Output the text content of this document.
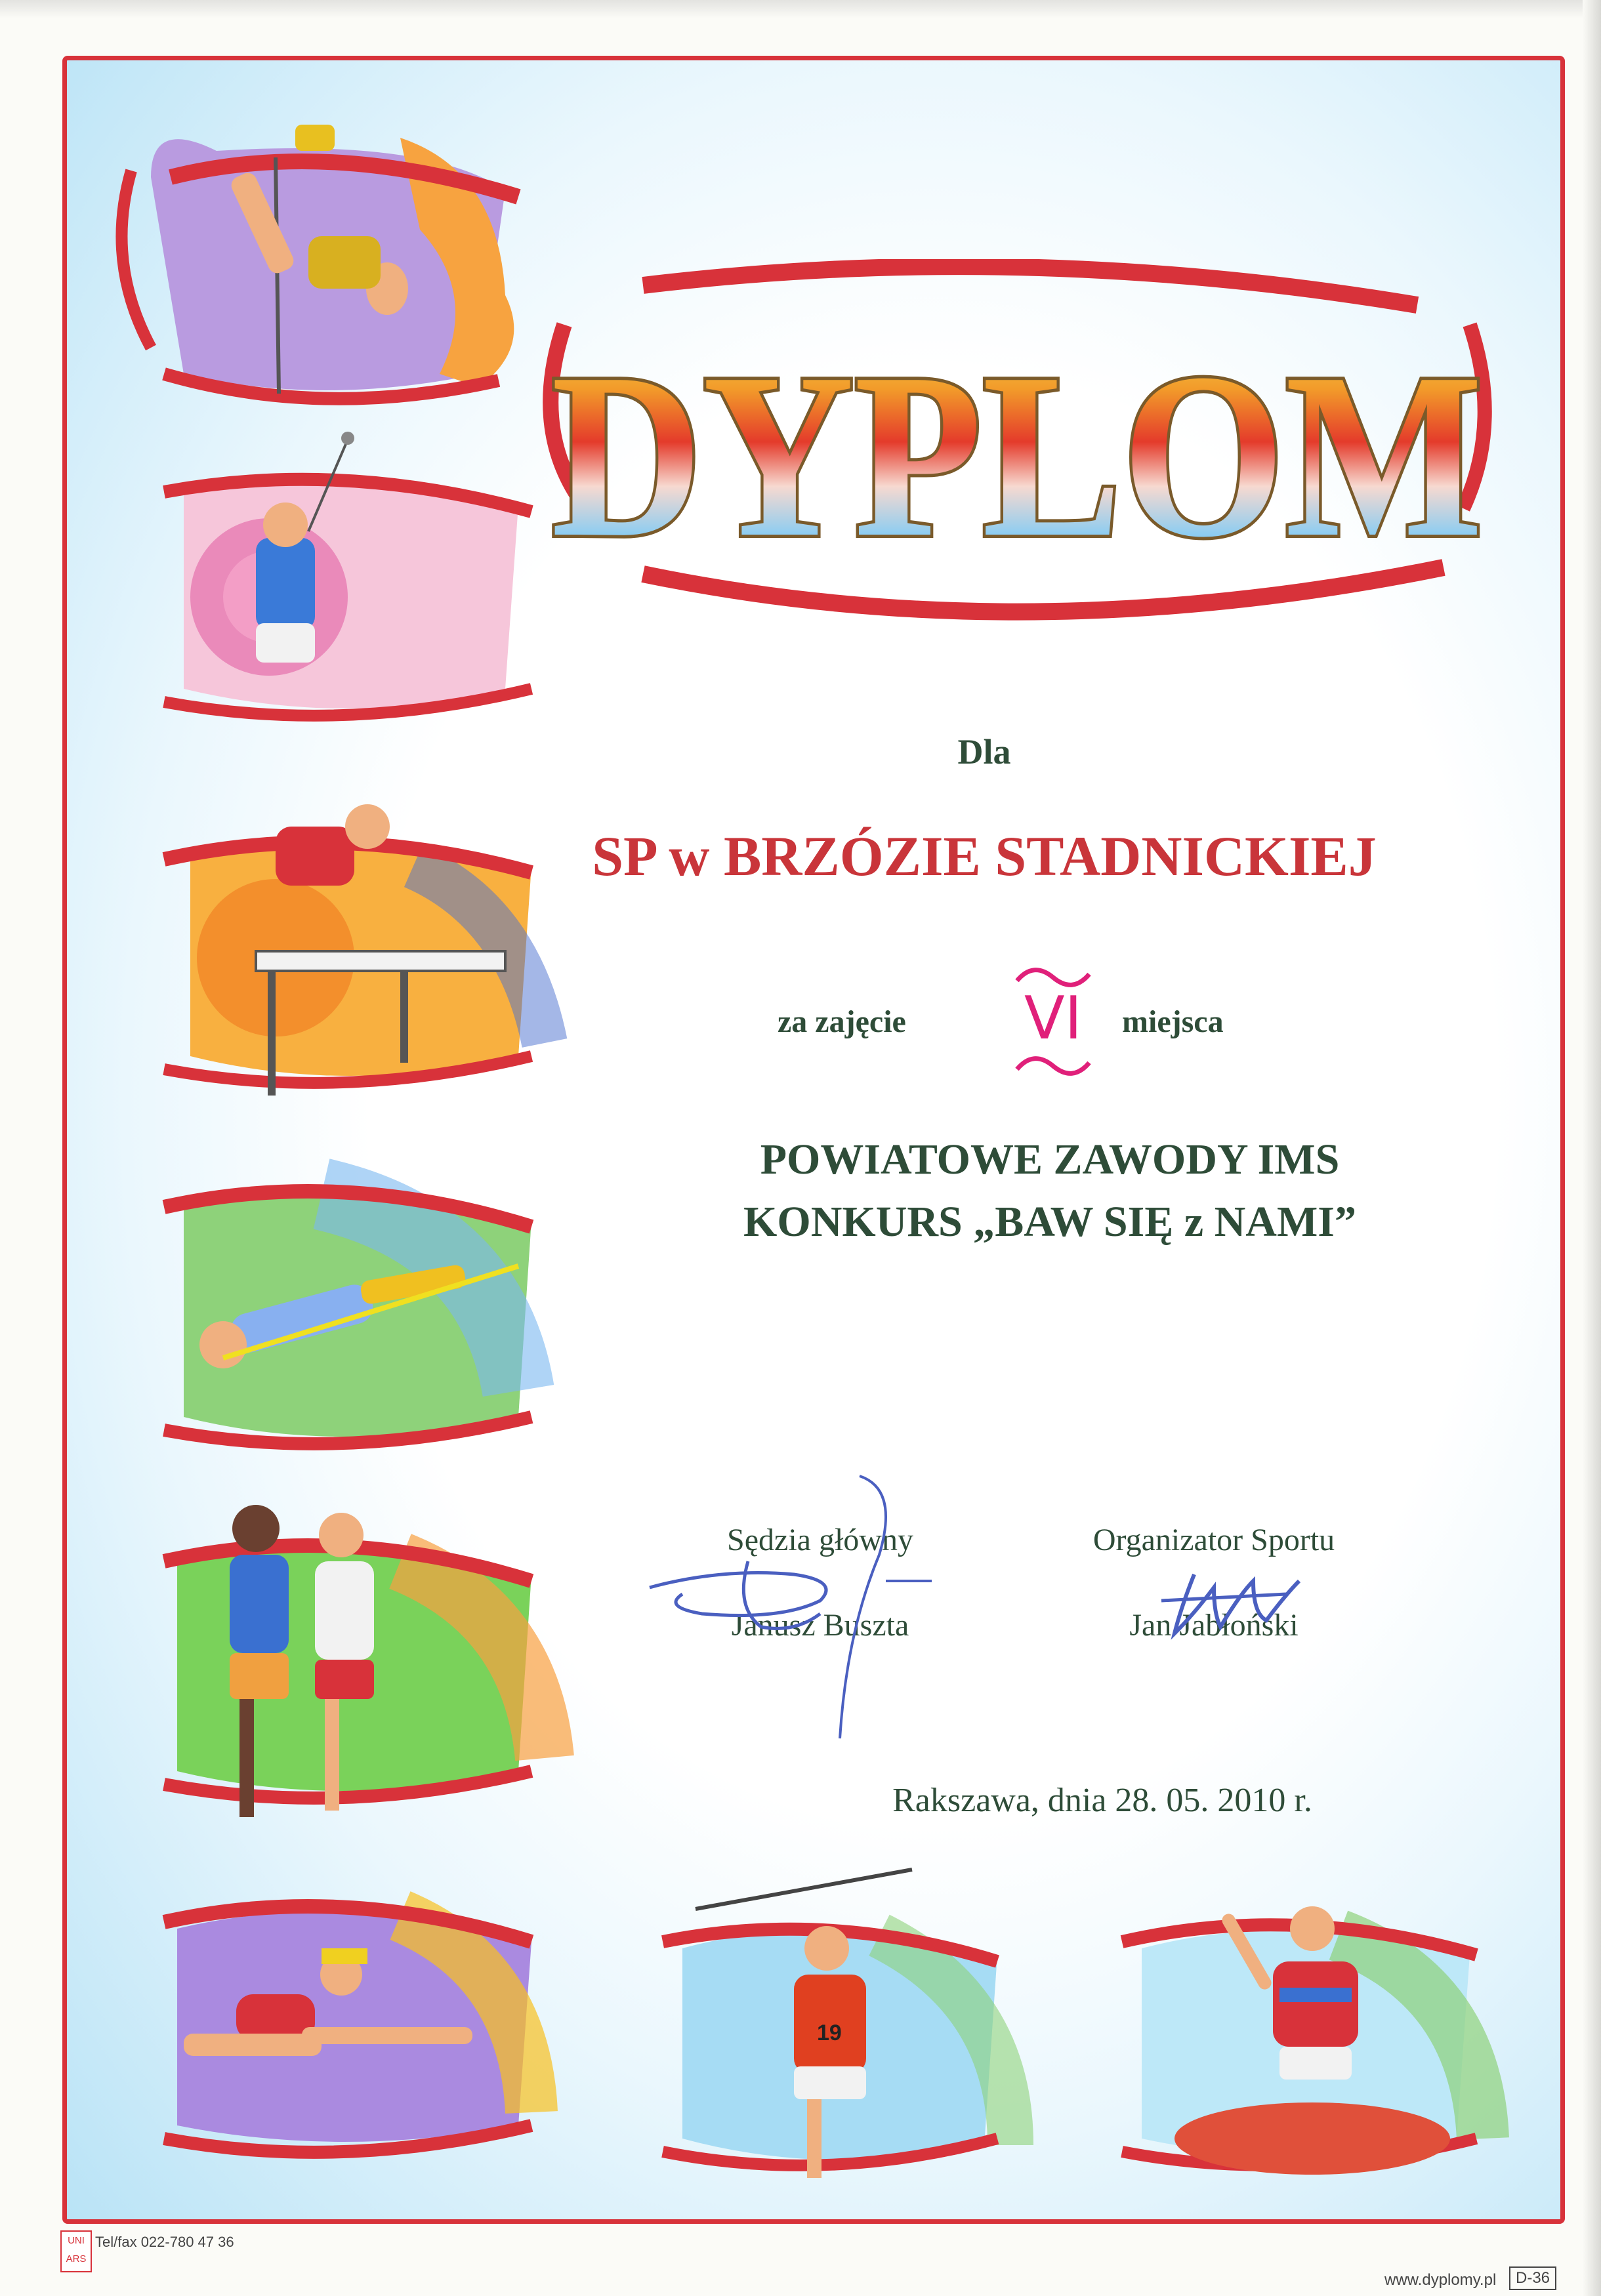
19
DYPLOM
Dla
SP w BRZÓZIE STADNICKIEJ
za zajęcie VI	miejsca
POWIATOWE ZAWODY IMS
KONKURS „BAW SIĘ z NAMI”
Sędzia główny
Janusz Buszta
Organizator Sportu
Jan Jabłoński
Rakszawa, dnia 28. 05. 2010 r.
UNI ARS
Tel/fax 022-780 47 36
www.dyplomy.pl	D-36
